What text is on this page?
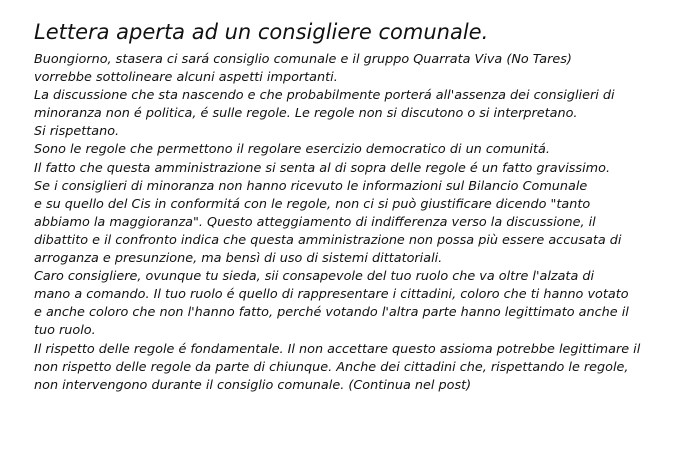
Lettera aperta ad un consigliere comunale.

Buongiorno, stasera ci sará consiglio comunale e il gruppo Quarrata Viva (No Tares)

vorrebbe sottolineare alcuni aspetti importanti.

La discussione che sta nascendo e che probabilmente porterá all'assenza dei consiglieri di

minoranza non é politica, é sulle regole. Le regole non si discutono o si interpretano.

Si rispettano.

Sono le regole che permettono il regolare esercizio democratico di un comunitá.

Il fatto che questa amministrazione si senta al di sopra delle regole é un fatto gravissimo.

Se i consiglieri di minoranza non hanno ricevuto le informazioni sul Bilancio Comunale

e su quello del Cis in conformitá con le regole, non ci si può giustificare dicendo "tanto

abbiamo la maggioranza". Questo atteggiamento di indifferenza verso la discussione, il

dibattito e il confronto indica che questa amministrazione non possa più essere accusata di

arroganza e presunzione, ma bensì di uso di sistemi dittatoriali.

Caro consigliere, ovunque tu sieda, sii consapevole del tuo ruolo che va oltre l'alzata di

mano a comando. Il tuo ruolo é quello di rappresentare i cittadini, coloro che ti hanno votato

e anche coloro che non l'hanno fatto, perché votando l'altra parte hanno legittimato anche il

tuo ruolo.

Il rispetto delle regole é fondamentale. Il non accettare questo assioma potrebbe legittimare il

non rispetto delle regole da parte di chiunque. Anche dei cittadini che, rispettando le regole,

non intervengono durante il consiglio comunale. (Continua nel post)
